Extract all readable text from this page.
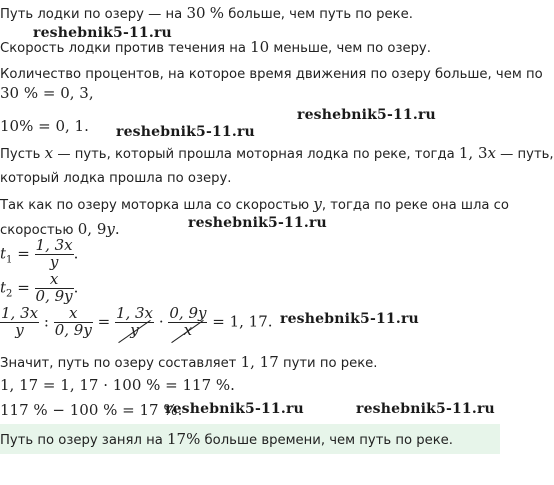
Путь лодки по озеру — на 30 % больше, чем путь по реке.
reshebnik5-11.ru
Скорость лодки против течения на 10 меньше, чем по озеру.
Количество процентов, на которое время движения по озеру больше, чем по
30 % = 0, 3,
reshebnik5-11.ru
10% = 0, 1. reshebnik5-11.ru
Пусть x — путь, который прошла моторная лодка по реке, тогда 1, 3x — путь,
который лодка прошла по озеру.
Так как по озеру моторка шла со скоростью y, тогда по реке она шла со
скоростью 0, 9y.	reshebnik5-11.ru
$t_1 = \frac{1, 3x}{y}$ .
$t_2 = \frac{x}{0, 9y}$ .
$\frac{1, 3x}{y}$ : $\frac{x}{0, 9y} = \frac{1, 3x}{y} \cdot \frac{0, 9y}{x} = 1$, 17. reshebnik5-11.ru
Значит, путь по озеру составляет 1, 17 пути по реке.
1, 17 = 1, 17 · 100 % = 117 %.
117 % − 100 % = 17 %.
reshebnik5-11.ru	reshebnik5-11.ru
Путь по озеру занял на 17% больше времени, чем путь по реке.
